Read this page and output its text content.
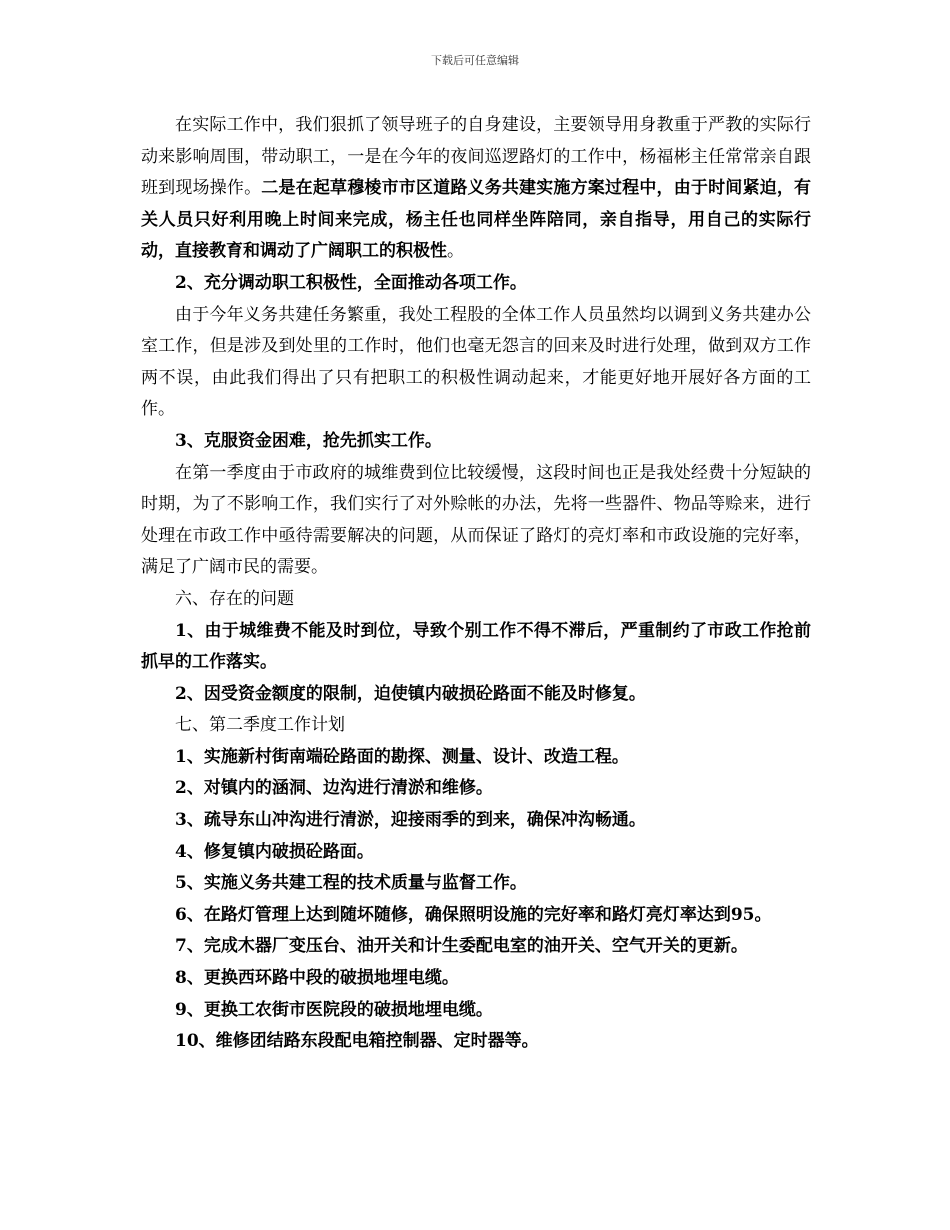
下载后可任意编辑

在实际工作中，我们狠抓了领导班子的自身建设，主要领导用身教重于严教的实际行动来影响周围，带动职工，一是在今年的夜间巡逻路灯的工作中，杨福彬主任常常亲自跟班到现场操作。二是在起草穆棱市市区道路义务共建实施方案过程中，由于时间紧迫，有关人员只好利用晚上时间来完成，杨主任也同样坐阵陪同，亲自指导，用自己的实际行动，直接教育和调动了广阔职工的积极性。

2、充分调动职工积极性，全面推动各项工作。

由于今年义务共建任务繁重，我处工程股的全体工作人员虽然均以调到义务共建办公室工作，但是涉及到处里的工作时，他们也毫无怨言的回来及时进行处理，做到双方工作两不误，由此我们得出了只有把职工的积极性调动起来，才能更好地开展好各方面的工作。

3、克服资金困难，抢先抓实工作。

在第一季度由于市政府的城维费到位比较缓慢，这段时间也正是我处经费十分短缺的时期，为了不影响工作，我们实行了对外赊帐的办法，先将一些器件、物品等赊来，进行处理在市政工作中亟待需要解决的问题，从而保证了路灯的亮灯率和市政设施的完好率，满足了广阔市民的需要。

六、存在的问题

1、由于城维费不能及时到位，导致个别工作不得不滞后，严重制约了市政工作抢前抓早的工作落实。

2、因受资金额度的限制，迫使镇内破损砼路面不能及时修复。

七、第二季度工作计划

1、实施新村街南端砼路面的勘探、测量、设计、改造工程。

2、对镇内的涵洞、边沟进行清淤和维修。

3、疏导东山冲沟进行清淤，迎接雨季的到来，确保冲沟畅通。

4、修复镇内破损砼路面。

5、实施义务共建工程的技术质量与监督工作。

6、在路灯管理上达到随坏随修，确保照明设施的完好率和路灯亮灯率达到95。

7、完成木器厂变压台、油开关和计生委配电室的油开关、空气开关的更新。

8、更换西环路中段的破损地埋电缆。

9、更换工农街市医院段的破损地埋电缆。

10、维修团结路东段配电箱控制器、定时器等。
